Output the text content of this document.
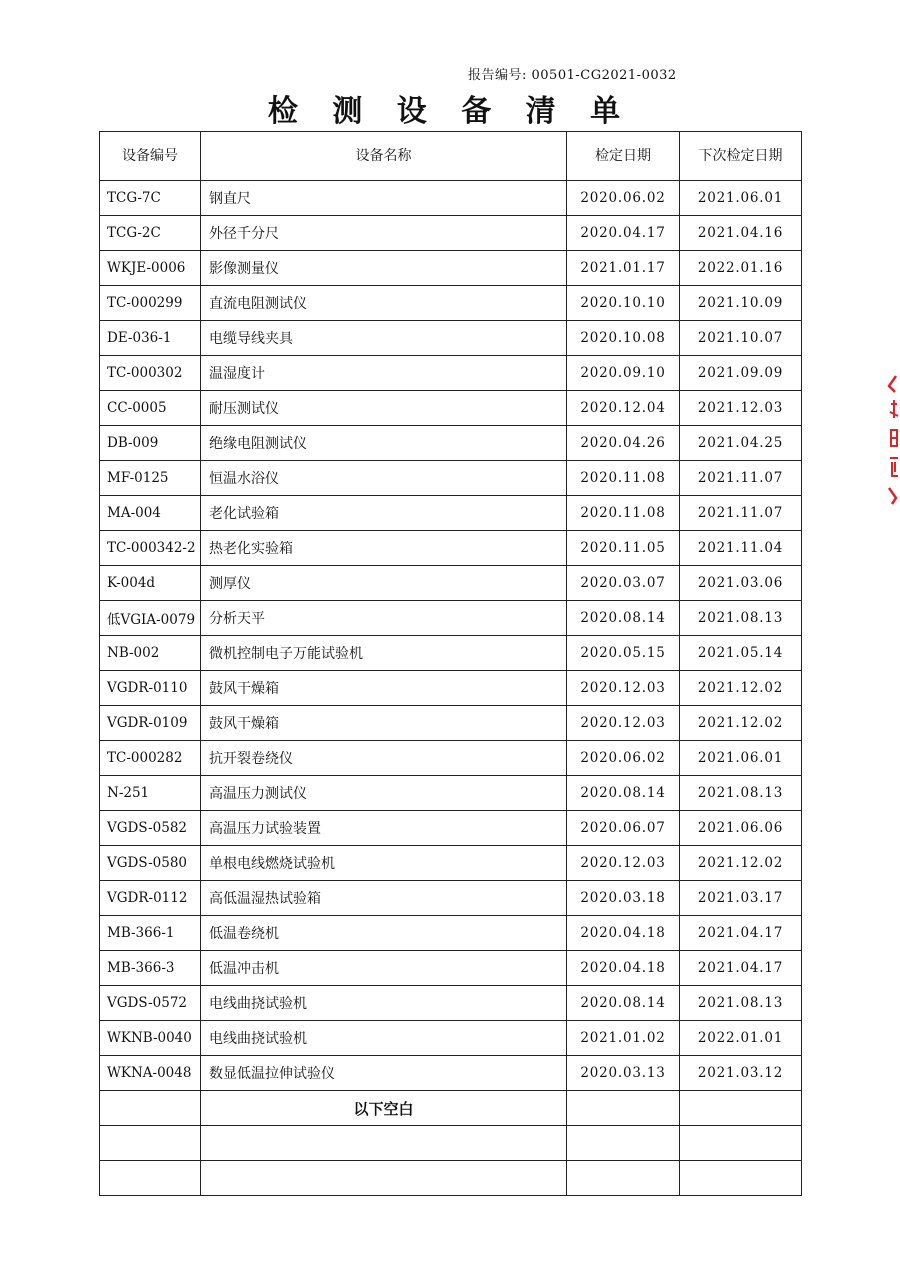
报告编号: 00501-CG2021-0032
检 测 设 备 清 单
设备编号	设备名称	检定日期	下次检定日期
TCG-7C	钢直尺	2020.06.02	2021.06.01
TCG-2C	外径千分尺	2020.04.17	2021.04.16
WKJE-0006	影像测量仪	2021.01.17	2022.01.16
TC-000299	直流电阻测试仪	2020.10.10	2021.10.09
DE-036-1	电缆导线夹具	2020.10.08	2021.10.07
TC-000302	温湿度计	2020.09.10	2021.09.09
CC-0005	耐压测试仪	2020.12.04	2021.12.03
DB-009	绝缘电阻测试仪	2020.04.26	2021.04.25
MF-0125	恒温水浴仪	2020.11.08	2021.11.07
MA-004	老化试验箱	2020.11.08	2021.11.07
TC-000342-2	热老化实验箱	2020.11.05	2021.11.04
K-004d	测厚仪	2020.03.07	2021.03.06
低VGIA-0079	分析天平	2020.08.14	2021.08.13
NB-002	微机控制电子万能试验机	2020.05.15	2021.05.14
VGDR-0110	鼓风干燥箱	2020.12.03	2021.12.02
VGDR-0109	鼓风干燥箱	2020.12.03	2021.12.02
TC-000282	抗开裂卷绕仪	2020.06.02	2021.06.01
N-251	高温压力测试仪	2020.08.14	2021.08.13
VGDS-0582	高温压力试验装置	2020.06.07	2021.06.06
VGDS-0580	单根电线燃烧试验机	2020.12.03	2021.12.02
VGDR-0112	高低温湿热试验箱	2020.03.18	2021.03.17
MB-366-1	低温卷绕机	2020.04.18	2021.04.17
MB-366-3	低温冲击机	2020.04.18	2021.04.17
VGDS-0572	电线曲挠试验机	2020.08.14	2021.08.13
WKNB-0040	电线曲挠试验机	2021.01.02	2022.01.01
WKNA-0048	数显低温拉伸试验仪	2020.03.13	2021.03.12
	以下空白		
